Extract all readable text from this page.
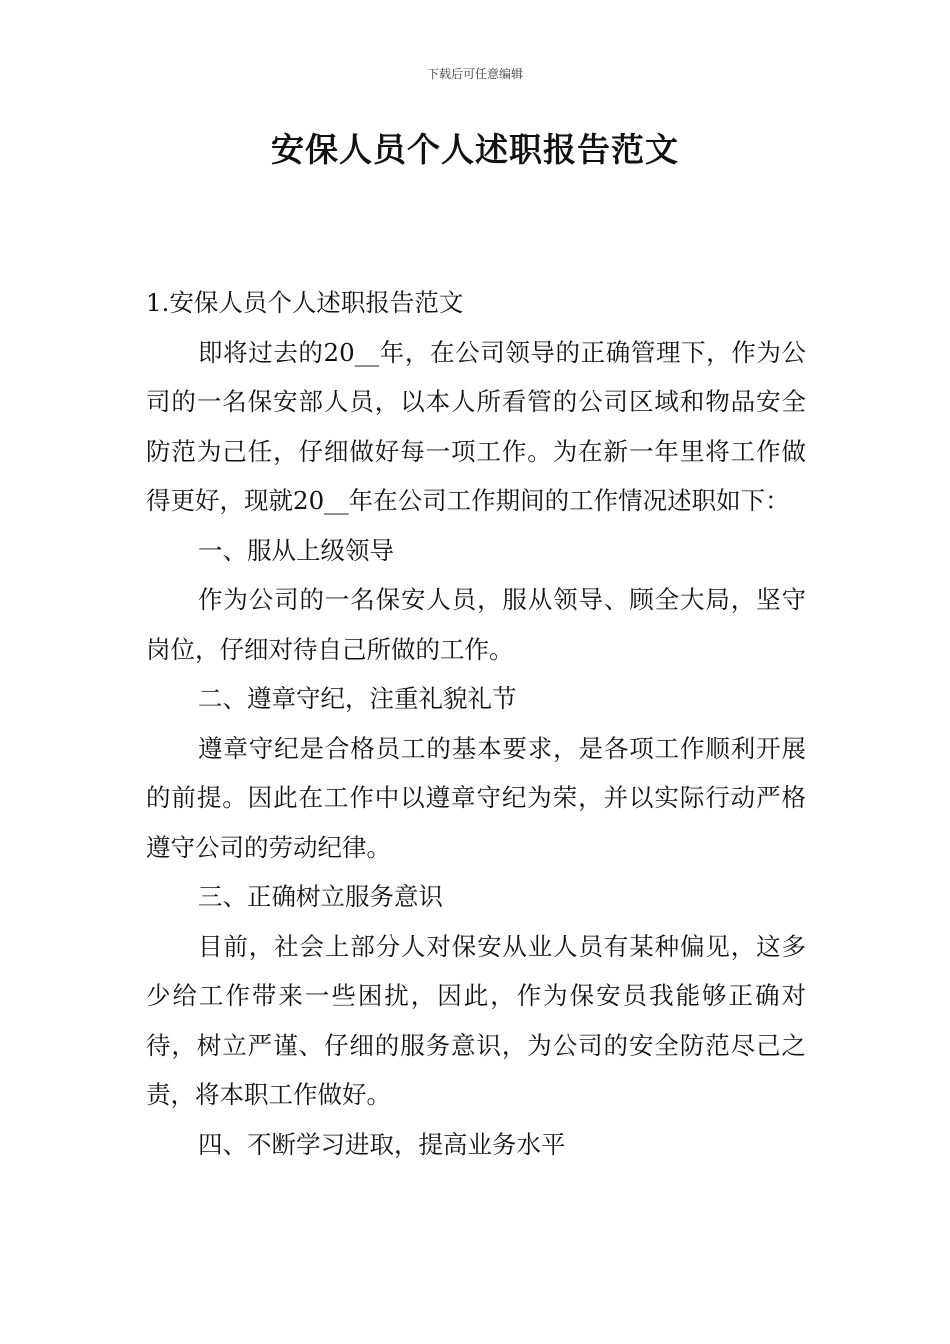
下载后可任意编辑
安保人员个人述职报告范文

1.安保人员个人述职报告范文

即将过去的20__年，在公司领导的正确管理下，作为公司的一名保安部人员，以本人所看管的公司区域和物品安全防范为己任，仔细做好每一项工作。为在新一年里将工作做得更好，现就20__年在公司工作期间的工作情况述职如下：

一、服从上级领导

作为公司的一名保安人员，服从领导、顾全大局，坚守岗位，仔细对待自己所做的工作。

二、遵章守纪，注重礼貌礼节

遵章守纪是合格员工的基本要求，是各项工作顺利开展的前提。因此在工作中以遵章守纪为荣，并以实际行动严格遵守公司的劳动纪律。

三、正确树立服务意识

目前，社会上部分人对保安从业人员有某种偏见，这多少给工作带来一些困扰，因此，作为保安员我能够正确对待，树立严谨、仔细的服务意识，为公司的安全防范尽己之责，将本职工作做好。

四、不断学习进取，提高业务水平
